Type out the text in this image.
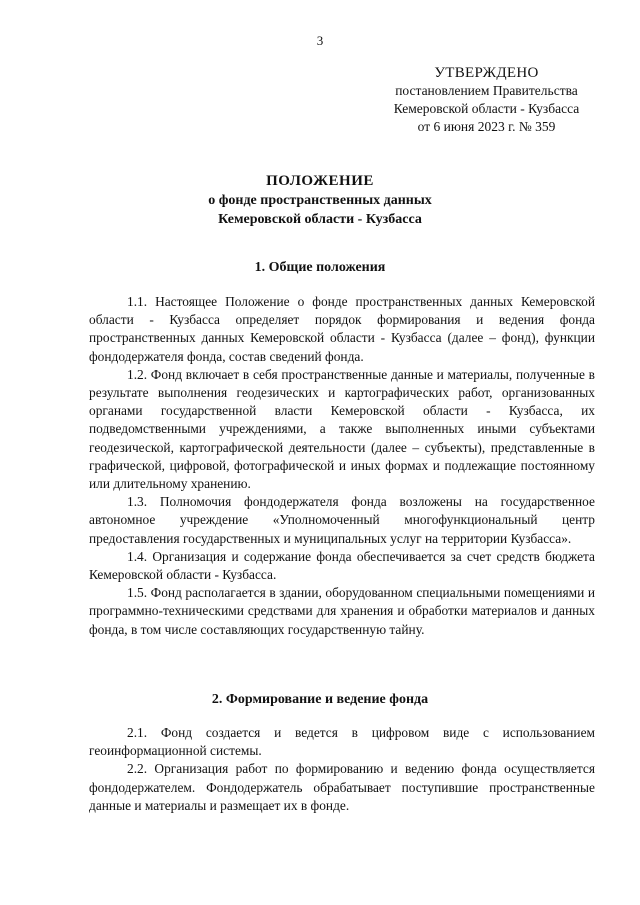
3
УТВЕРЖДЕНО
постановлением Правительства
Кемеровской области - Кузбасса
от 6 июня 2023 г. № 359
ПОЛОЖЕНИЕ
о фонде пространственных данных
Кемеровской области - Кузбасса
1. Общие положения

1.1. Настоящее Положение о фонде пространственных данных Кемеровской области - Кузбасса определяет порядок формирования и ведения фонда пространственных данных Кемеровской области - Кузбасса (далее – фонд), функции фондодержателя фонда, состав сведений фонда.

1.2. Фонд включает в себя пространственные данные и материалы, полученные в результате выполнения геодезических и картографических работ, организованных органами государственной власти Кемеровской области - Кузбасса, их подведомственными учреждениями, а также выполненных иными субъектами геодезической, картографической деятельности (далее – субъекты), представленные в графической, цифровой, фотографической и иных формах и подлежащие постоянному или длительному хранению.

1.3. Полномочия фондодержателя фонда возложены на государственное автономное учреждение «Уполномоченный многофункциональный центр предоставления государственных и муниципальных услуг на территории Кузбасса».

1.4. Организация и содержание фонда обеспечивается за счет средств бюджета Кемеровской области - Кузбасса.

1.5. Фонд располагается в здании, оборудованном специальными помещениями и программно-техническими средствами для хранения и обработки материалов и данных фонда, в том числе составляющих государственную тайну.

2. Формирование и ведение фонда

2.1. Фонд создается и ведется в цифровом виде с использованием геоинформационной системы.

2.2. Организация работ по формированию и ведению фонда осуществляется фондодержателем. Фондодержатель обрабатывает поступившие пространственные данные и материалы и размещает их в фонде.
